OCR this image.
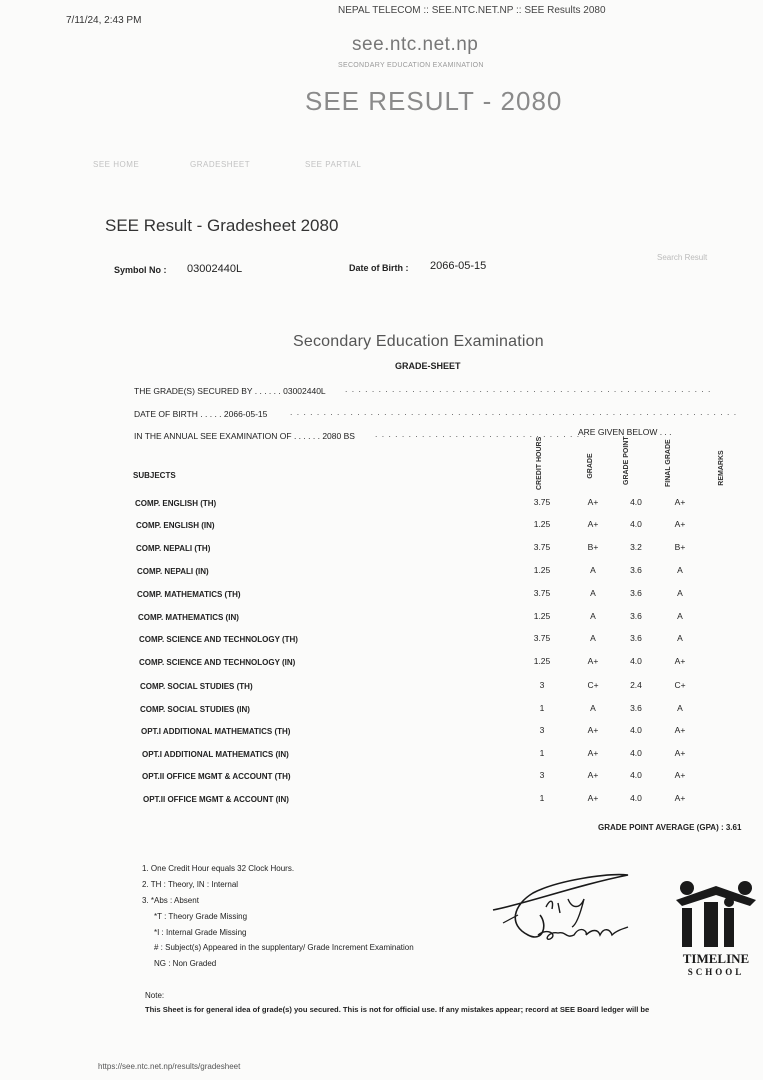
7/11/24, 2:43 PM
NEPAL TELECOM :: SEE.NTC.NET.NP :: SEE Results 2080
see.ntc.net.np
SECONDARY EDUCATION EXAMINATION
SEE RESULT - 2080
SEE HOME	GRADESHEET	SEE PARTIAL
SEE Result - Gradesheet 2080
Search Result
Symbol No : 03002440L	Date of Birth : 2066-05-15
Secondary Education Examination
GRADE-SHEET
THE GRADE(S) SECURED BY . . . . . . 03002440L . . . . . . . . . . . . . . . . . . . . . . . . . . . . . . . . . . . . . . . . . . . . . . . . . . . . . . .
DATE OF BIRTH . . . . . 2066-05-15	. . . . . . . . . . . . . . . . . . . . . . . . . . . . . . . . . . . . . . . . . . . . . . . . . . . . . . . . . . . . . . . . . . .
IN THE ANNUAL SEE EXAMINATION OF . . . . . . 2080 BS . . . . . . . . . . . . . . . . . . . . . . . . . . . . . . . .
ARE GIVEN BELOW . . .
SUBJECTS	CREDIT HOURS	GRADE	GRADE POINT	FINAL GRADE	REMARKS
COMP. ENGLISH (TH)	3.75	A+	4.0	A+
COMP. ENGLISH (IN)	1.25	A+	4.0	A+
COMP. NEPALI (TH)	3.75	B+	3.2	B+
COMP. NEPALI (IN)	1.25	A	3.6	A
COMP. MATHEMATICS (TH)	3.75	A	3.6	A
COMP. MATHEMATICS (IN)	1.25	A	3.6	A
COMP. SCIENCE AND TECHNOLOGY (TH)	3.75	A	3.6	A
COMP. SCIENCE AND TECHNOLOGY (IN)	1.25	A+	4.0	A+
COMP. SOCIAL STUDIES (TH)	3	C+	2.4	C+
COMP. SOCIAL STUDIES (IN)	1	A	3.6	A
OPT.I ADDITIONAL MATHEMATICS (TH)	3	A+	4.0	A+
OPT.I ADDITIONAL MATHEMATICS (IN)	1	A+	4.0	A+
OPT.II OFFICE MGMT & ACCOUNT (TH)	3	A+	4.0	A+
OPT.II OFFICE MGMT & ACCOUNT (IN)	1	A+	4.0	A+
GRADE POINT AVERAGE (GPA) : 3.61
1. One Credit Hour equals 32 Clock Hours.
2. TH : Theory, IN : Internal
3. *Abs : Absent
*T : Theory Grade Missing
*I : Internal Grade Missing
# : Subject(s) Appeared in the supplentary/ Grade Increment Examination
NG : Non Graded	TIMELINE
SCHOOL
Note:
This Sheet is for general idea of grade(s) you secured. This is not for official use. If any mistakes appear; record at SEE Board ledger will be
https://see.ntc.net.np/results/gradesheet
